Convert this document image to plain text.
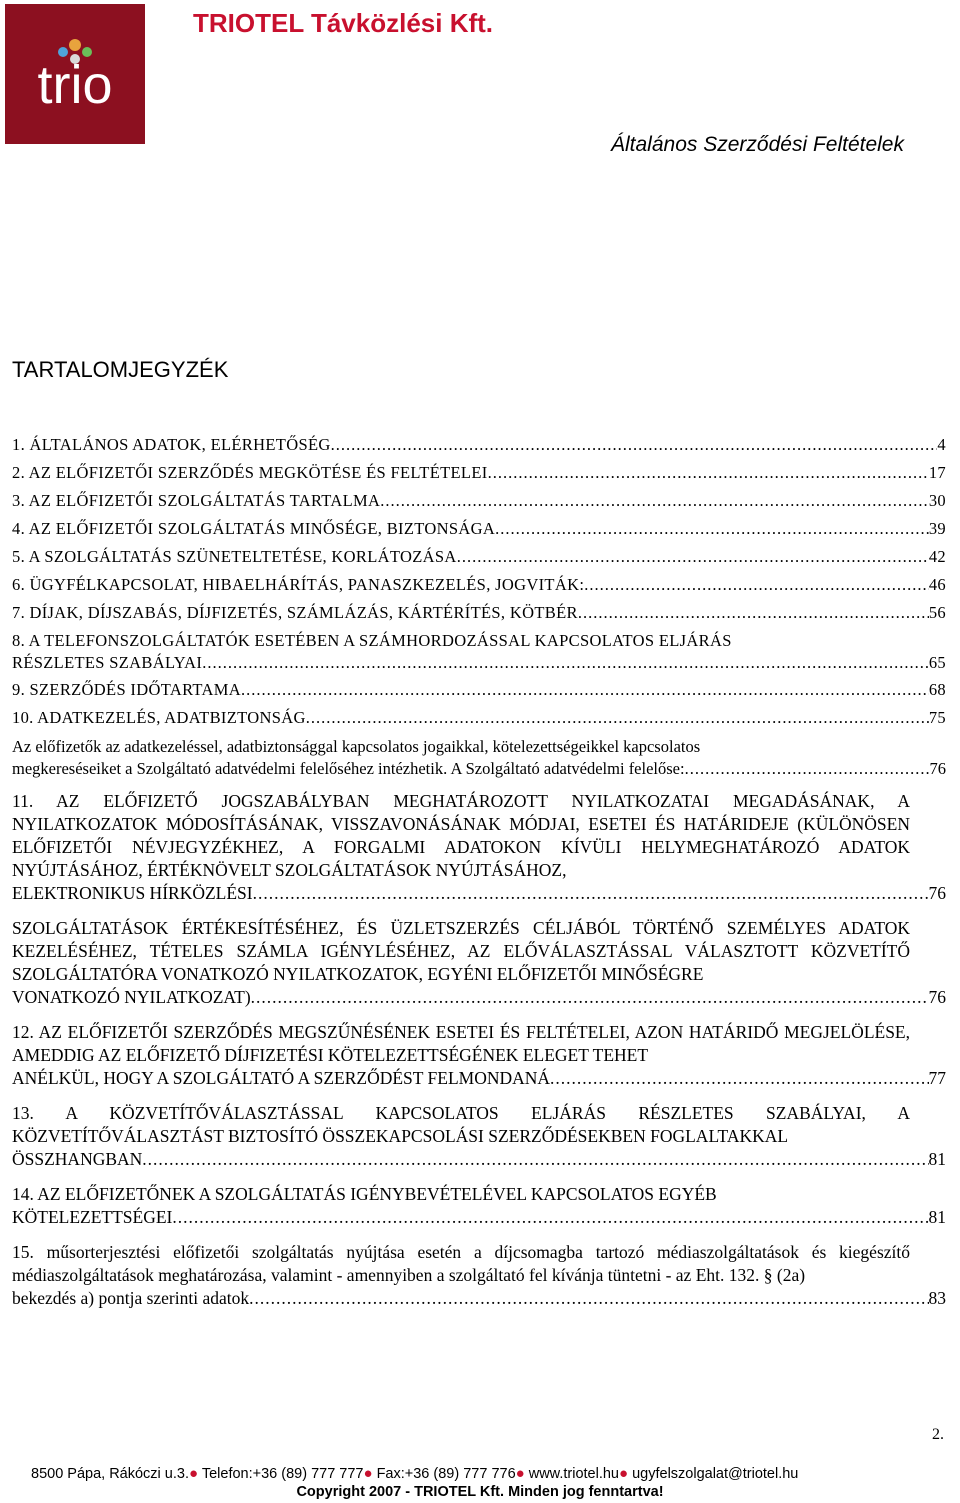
trio
TRIOTEL Távközlési Kft.
Általános Szerződési Feltételek
TARTALOMJEGYZÉK
1. ÁLTALÁNOS ADATOK, ELÉRHETŐSÉG .....	4
2. AZ ELŐFIZETŐI SZERZŐDÉS MEGKÖTÉSE ÉS FELTÉTELEI .....	17
3. AZ ELŐFIZETŐI SZOLGÁLTATÁS TARTALMA .....	30
4. AZ ELŐFIZETŐI SZOLGÁLTATÁS MINŐSÉGE, BIZTONSÁGA .....	39
5. A SZOLGÁLTATÁS SZÜNETELTETÉSE, KORLÁTOZÁSA .....	42
6. ÜGYFÉLKAPCSOLAT, HIBAELHÁRÍTÁS, PANASZKEZELÉS, JOGVITÁK: .....	46
7. DÍJAK, DÍJSZABÁS, DÍJFIZETÉS, SZÁMLÁZÁS, KÁRTÉRÍTÉS, KÖTBÉR .....	56
8. A TELEFONSZOLGÁLTATÓK ESETÉBEN A SZÁMHORDOZÁSSAL KAPCSOLATOS ELJÁRÁS
RÉSZLETES SZABÁLYAI .....	65
9. SZERZŐDÉS IDŐTARTAMA .....	68
10. ADATKEZELÉS, ADATBIZTONSÁG .....	75
Az előfizetők az adatkezeléssel, adatbiztonsággal kapcsolatos jogaikkal, kötelezettségeikkel kapcsolatos
megkereséseiket a Szolgáltató adatvédelmi felelőséhez intézhetik. A Szolgáltató adatvédelmi felelőse: .....	76
11. AZ ELŐFIZETŐ JOGSZABÁLYBAN MEGHATÁROZOTT NYILATKOZATAI MEGADÁSÁNAK, A NYILATKOZATOK MÓDOSÍTÁSÁNAK, VISSZAVONÁSÁNAK MÓDJAI, ESETEI ÉS HATÁRIDEJE (KÜLÖNÖSEN ELŐFIZETŐI NÉVJEGYZÉKHEZ, A FORGALMI ADATOKON KÍVÜLI HELYMEGHATÁROZÓ ADATOK NYÚJTÁSÁHOZ, ÉRTÉKNÖVELT SZOLGÁLTATÁSOK NYÚJTÁSÁHOZ,
ELEKTRONIKUS HÍRKÖZLÉSI .....	76
SZOLGÁLTATÁSOK ÉRTÉKESÍTÉSÉHEZ, ÉS ÜZLETSZERZÉS CÉLJÁBÓL TÖRTÉNŐ SZEMÉLYES ADATOK KEZELÉSÉHEZ, TÉTELES SZÁMLA IGÉNYLÉSÉHEZ, AZ ELŐVÁLASZTÁSSAL VÁLASZTOTT KÖZVETÍTŐ SZOLGÁLTATÓRA VONATKOZÓ NYILATKOZATOK, EGYÉNI ELŐFIZETŐI MINŐSÉGRE
VONATKOZÓ NYILATKOZAT) .....	76
12. AZ ELŐFIZETŐI SZERZŐDÉS MEGSZŰNÉSÉNEK ESETEI ÉS FELTÉTELEI, AZON HATÁRIDŐ MEGJELÖLÉSE, AMEDDIG AZ ELŐFIZETŐ DÍJFIZETÉSI KÖTELEZETTSÉGÉNEK ELEGET TEHET
ANÉLKÜL, HOGY A SZOLGÁLTATÓ A SZERZŐDÉST FELMONDANÁ .....	77
13. A KÖZVETÍTŐVÁLASZTÁSSAL KAPCSOLATOS ELJÁRÁS RÉSZLETES SZABÁLYAI, A KÖZVETÍTŐVÁLASZTÁST BIZTOSÍTÓ ÖSSZEKAPCSOLÁSI SZERZŐDÉSEKBEN FOGLALTAKKAL
ÖSSZHANGBAN .....	81
14. AZ ELŐFIZETŐNEK A SZOLGÁLTATÁS IGÉNYBEVÉTELÉVEL KAPCSOLATOS EGYÉB
KÖTELEZETTSÉGEI .....	81
15. műsorterjesztési előfizetői szolgáltatás nyújtása esetén a díjcsomagba tartozó médiaszolgáltatások és kiegészítő médiaszolgáltatások meghatározása, valamint - amennyiben a szolgáltató fel kívánja tüntetni - az Eht. 132. § (2a)
bekezdés a) pontja szerinti adatok .....	83
2.
8500 Pápa, Rákóczi u.3.● Telefon:+36 (89) 777 777● Fax:+36 (89) 777 776● www.triotel.hu● ugyfelszolgalat@triotel.hu
Copyright 2007 - TRIOTEL Kft. Minden jog fenntartva!
